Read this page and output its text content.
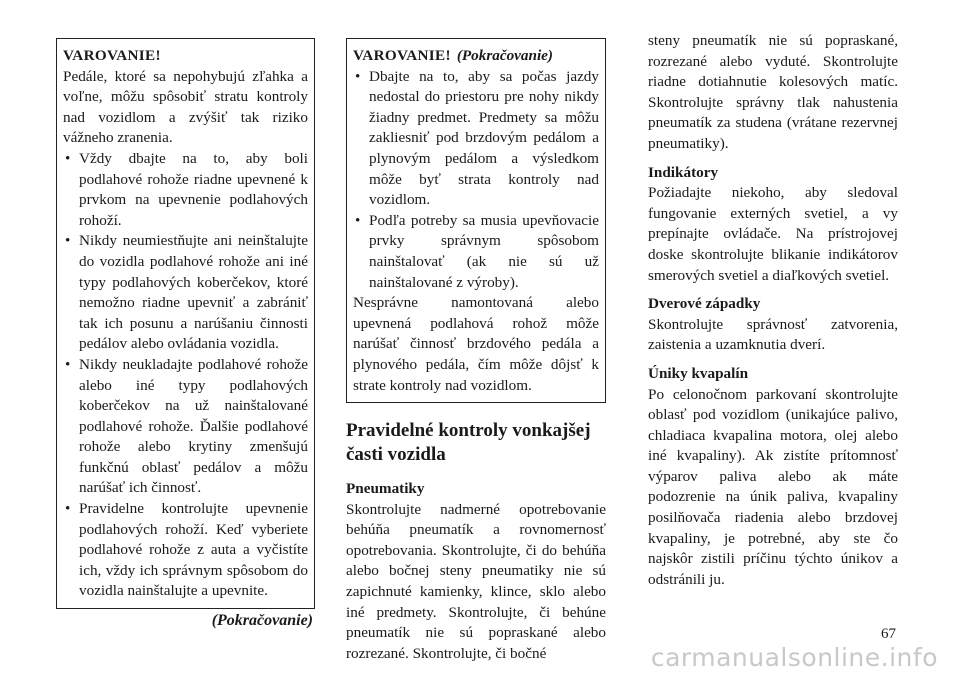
VAROVANIE!

Pedále, ktoré sa nepohybujú zľahka a voľne, môžu spôsobiť stratu kontroly nad vozidlom a zvýšiť tak riziko vážneho zranenia.

• Vždy dbajte na to, aby boli podlahové rohože riadne upevnené k prvkom na upevnenie podlahových rohoží.
• Nikdy neumiestňujte ani neinštalujte do vozidla podlahové rohože ani iné typy podlahových koberčekov, ktoré nemožno riadne upevniť a zabrániť tak ich posunu a narúšaniu činnosti pedálov alebo ovládania vozidla.
• Nikdy neukladajte podlahové rohože alebo iné typy podlahových koberčekov na už nainštalované podlahové rohože. Ďalšie podlahové rohože alebo krytiny zmenšujú funkčnú oblasť pedálov a môžu narúšať ich činnosť.
• Pravidelne kontrolujte upevnenie podlahových rohoží. Keď vyberiete podlahové rohože z auta a vyčistíte ich, vždy ich správnym spôsobom do vozidla nainštalujte a upevnite.
(Pokračovanie)
VAROVANIE! (Pokračovanie)
• Dbajte na to, aby sa počas jazdy nedostal do priestoru pre nohy nikdy žiadny predmet. Predmety sa môžu zakliesniť pod brzdovým pedálom a plynovým pedálom a výsledkom môže byť strata kontroly nad vozidlom.
• Podľa potreby sa musia upevňovacie prvky správnym spôsobom nainštalovať (ak nie sú už nainštalované z výroby).

Nesprávne namontovaná alebo upevnená podlahová rohož môže narúšať činnosť brzdového pedála a plynového pedála, čím môže dôjsť k strate kontroly nad vozidlom.

Pravidelné kontroly vonkajšej časti vozidla
Pneumatiky

Skontrolujte nadmerné opotrebovanie behúňa pneumatík a rovnomernosť opotrebovania. Skontrolujte, či do behúňa alebo bočnej steny pneumatiky nie sú zapichnuté kamienky, klince, sklo alebo iné predmety. Skontrolujte, či behúne pneumatík nie sú popraskané alebo rozrezané. Skontrolujte, či bočné

steny pneumatík nie sú popraskané, rozrezané alebo vyduté. Skontrolujte riadne dotiahnutie kolesových matíc. Skontrolujte správny tlak nahustenia pneumatík za studena (vrátane rezervnej pneumatiky).

Indikátory

Požiadajte niekoho, aby sledoval fungovanie externých svetiel, a vy prepínajte ovládače. Na prístrojovej doske skontrolujte blikanie indikátorov smerových svetiel a diaľkových svetiel.

Dverové západky

Skontrolujte správnosť zatvorenia, zaistenia a uzamknutia dverí.

Úniky kvapalín

Po celonočnom parkovaní skontrolujte oblasť pod vozidlom (unikajúce palivo, chladiaca kvapalina motora, olej alebo iné kvapaliny). Ak zistíte prítomnosť výparov paliva alebo ak máte podozrenie na únik paliva, kvapaliny posilňovača riadenia alebo brzdovej kvapaliny, je potrebné, aby ste čo najskôr zistili príčinu týchto únikov a odstránili ju.

67
carmanualsonline.info
